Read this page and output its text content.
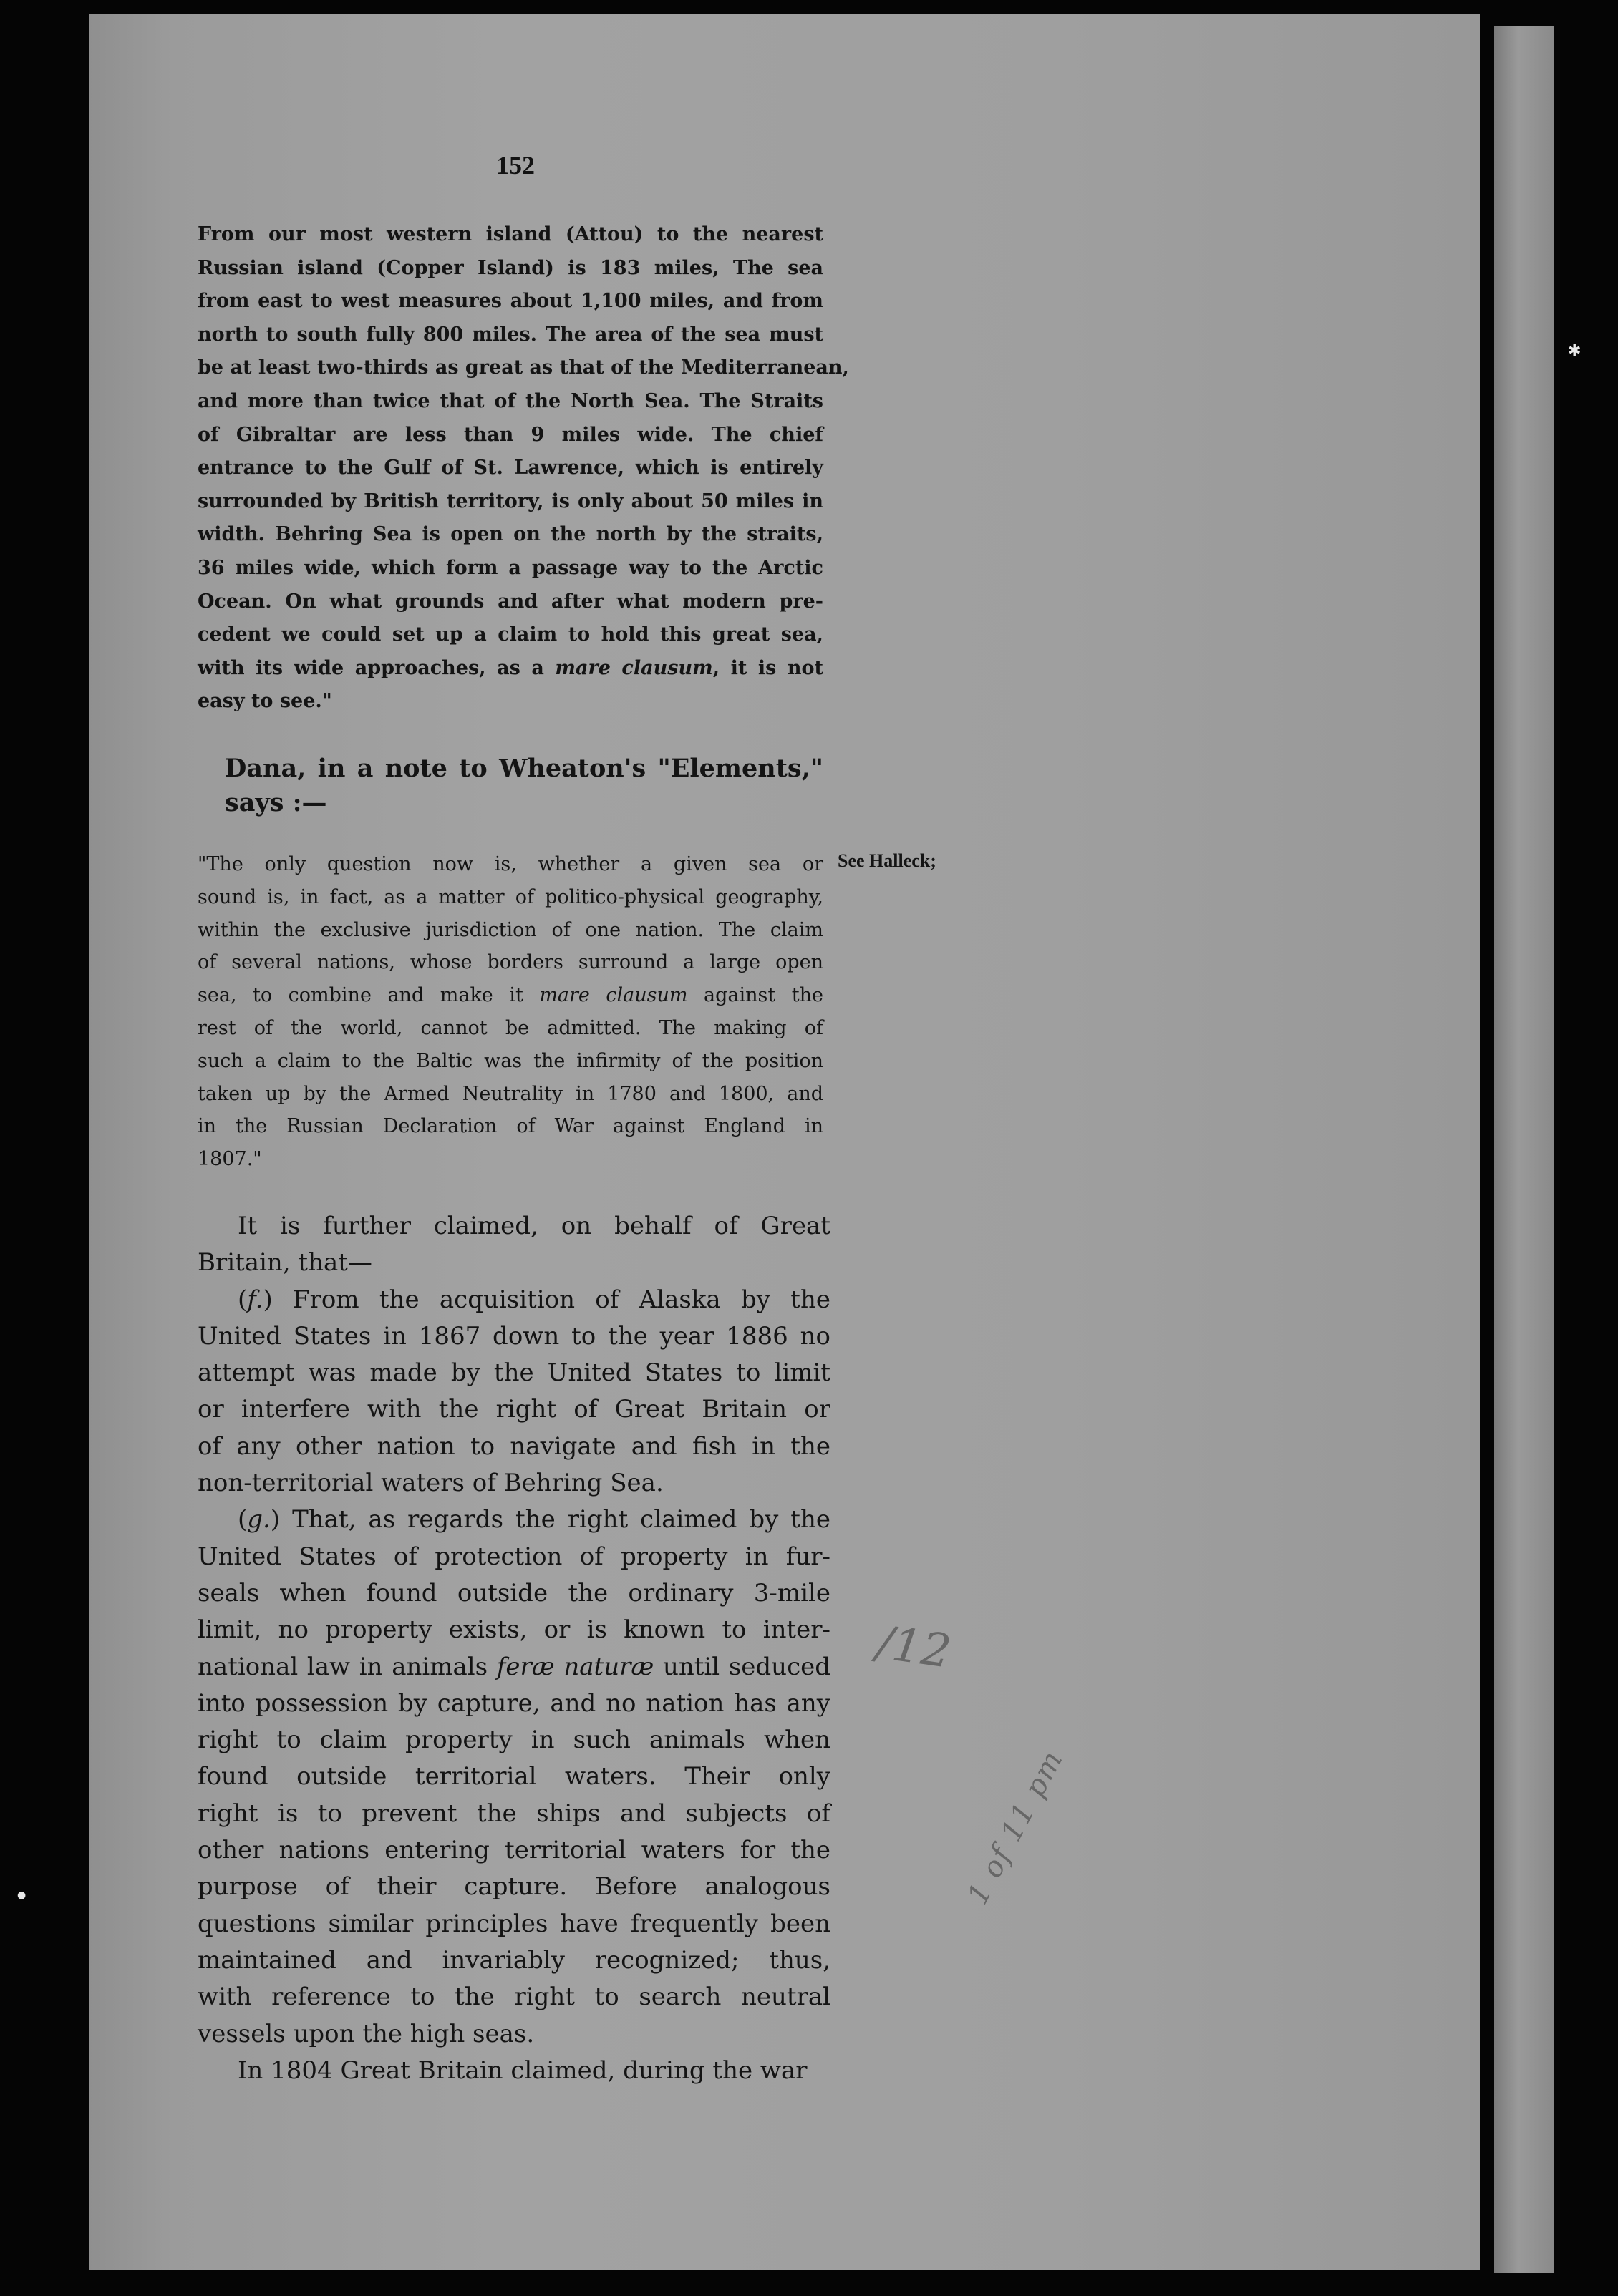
152
From our most western island (Attou) to the nearest
Russian island (Copper Island) is 183 miles, The sea
from east to west measures about 1,100 miles, and from
north to south fully 800 miles. The area of the sea must
be at least two-thirds as great as that of the Mediterranean,
and more than twice that of the North Sea. The Straits
of Gibraltar are less than 9 miles wide. The chief
entrance to the Gulf of St. Lawrence, which is entirely
surrounded by British territory, is only about 50 miles in
width. Behring Sea is open on the north by the straits,
36 miles wide, which form a passage way to the Arctic
Ocean. On what grounds and after what modern pre-
cedent we could set up a claim to hold this great sea,
with its wide approaches, as a mare clausum, it is not
easy to see."
Dana, in a note to Wheaton's "Elements,"
says :—
See Halleck;
"The only question now is, whether a given sea or
sound is, in fact, as a matter of politico-physical geography,
within the exclusive jurisdiction of one nation. The claim
of several nations, whose borders surround a large open
sea, to combine and make it mare clausum against the
rest of the world, cannot be admitted. The making of
such a claim to the Baltic was the infirmity of the position
taken up by the Armed Neutrality in 1780 and 1800, and
in the Russian Declaration of War against England in
1807."
It is further claimed, on behalf of Great
Britain, that—
(f.) From the acquisition of Alaska by the
United States in 1867 down to the year 1886 no
attempt was made by the United States to limit
or interfere with the right of Great Britain or
of any other nation to navigate and fish in the
non-territorial waters of Behring Sea.
(g.) That, as regards the right claimed by the
United States of protection of property in fur-
seals when found outside the ordinary 3-mile
limit, no property exists, or is known to inter-
national law in animals feræ naturæ until seduced
into possession by capture, and no nation has any
right to claim property in such animals when
found outside territorial waters. Their only
right is to prevent the ships and subjects of
other nations entering territorial waters for the
purpose of their capture. Before analogous
questions similar principles have frequently been
maintained and invariably recognized; thus,
with reference to the right to search neutral
vessels upon the high seas.
In 1804 Great Britain claimed, during the war
/12
1 of 11 pm
✱
●
